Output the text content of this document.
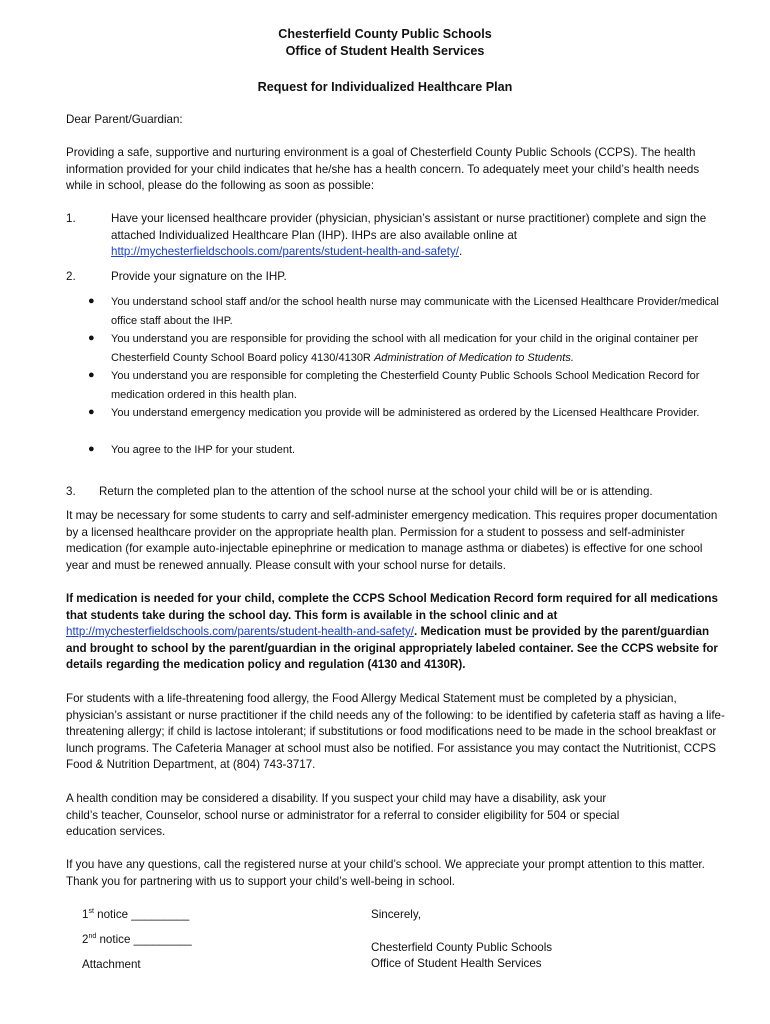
Chesterfield County Public Schools
Office of Student Health Services
Request for Individualized Healthcare Plan
Dear Parent/Guardian:
Providing a safe, supportive and nurturing environment is a goal of Chesterfield County Public Schools (CCPS). The health information provided for your child indicates that he/she has a health concern. To adequately meet your child’s health needs while in school, please do the following as soon as possible:
1.	Have your licensed healthcare provider (physician, physician’s assistant or nurse practitioner) complete and sign the attached Individualized Healthcare Plan (IHP). IHPs are also available online at http://mychesterfieldschools.com/parents/student-health-and-safety/.
2.	Provide your signature on the IHP.
● You understand school staff and/or the school health nurse may communicate with the Licensed Healthcare Provider/medical office staff about the IHP.
● You understand you are responsible for providing the school with all medication for your child in the original container per Chesterfield County School Board policy 4130/4130R Administration of Medication to Students.
● You understand you are responsible for completing the Chesterfield County Public Schools School Medication Record for medication ordered in this health plan.
● You understand emergency medication you provide will be administered as ordered by the Licensed Healthcare Provider.
● You agree to the IHP for your student.
3. Return the completed plan to the attention of the school nurse at the school your child will be or is attending.
It may be necessary for some students to carry and self-administer emergency medication. This requires proper documentation by a licensed healthcare provider on the appropriate health plan. Permission for a student to possess and self-administer medication (for example auto-injectable epinephrine or medication to manage asthma or diabetes) is effective for one school year and must be renewed annually. Please consult with your school nurse for details.
If medication is needed for your child, complete the CCPS School Medication Record form required for all medications that students take during the school day. This form is available in the school clinic and at http://mychesterfieldschools.com/parents/student-health-and-safety/. Medication must be provided by the parent/guardian and brought to school by the parent/guardian in the original appropriately labeled container. See the CCPS website for details regarding the medication policy and regulation (4130 and 4130R).
For students with a life-threatening food allergy, the Food Allergy Medical Statement must be completed by a physician, physician’s assistant or nurse practitioner if the child needs any of the following: to be identified by cafeteria staff as having a life-threatening allergy; if child is lactose intolerant; if substitutions or food modifications need to be made in the school breakfast or lunch programs. The Cafeteria Manager at school must also be notified. For assistance you may contact the Nutritionist, CCPS Food & Nutrition Department, at (804) 743-3717.
A health condition may be considered a disability. If you suspect your child may have a disability, ask your
child’s teacher, Counselor, school nurse or administrator for a referral to consider eligibility for 504 or special
education services.
If you have any questions, call the registered nurse at your child’s school. We appreciate your prompt attention to this matter. Thank you for partnering with us to support your child’s well-being in school.
1st notice _________
2nd notice _________
Attachment
Sincerely,
Chesterfield County Public Schools
Office of Student Health Services
